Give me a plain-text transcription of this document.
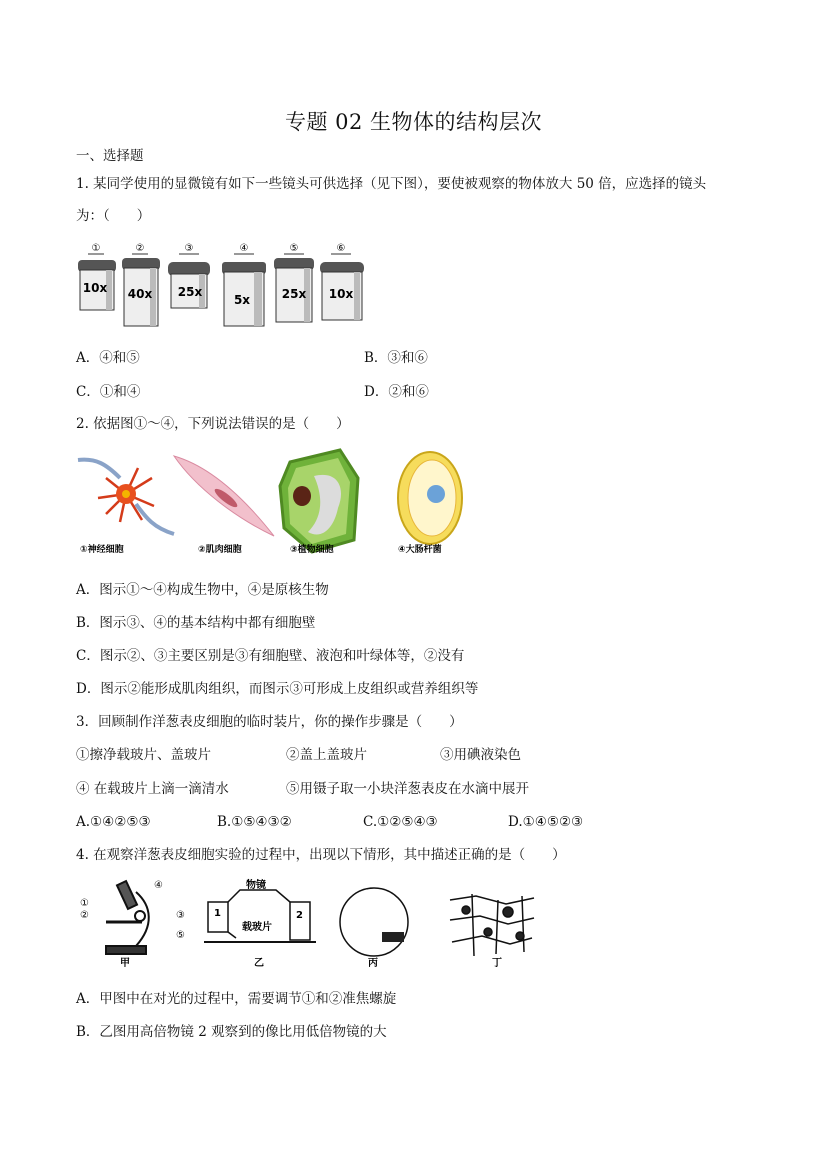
专题 02 生物体的结构层次
一、选择题
1. 某同学使用的显微镜有如下一些镜头可供选择（见下图），要使被观察的物体放大 50 倍，应选择的镜头
为：（　　）
①
10x
②
40x
③
25x
④
5x
⑤
25x
⑥
10x
A．④和⑤	B．③和⑥
C．①和④	D．②和⑥
2. 依据图①～④，下列说法错误的是（　　）
①神经细胞	②肌肉细胞	③植物细胞	④大肠杆菌
A．图示①～④构成生物中，④是原核生物
B．图示③、④的基本结构中都有细胞壁
C．图示②、③主要区别是③有细胞壁、液泡和叶绿体等，②没有
D．图示②能形成肌肉组织，而图示③可形成上皮组织或营养组织等
3．回顾制作洋葱表皮细胞的临时装片，你的操作步骤是（　　）
①擦净载玻片、盖玻片	②盖上盖玻片	③用碘液染色
④ 在载玻片上滴一滴清水	⑤用镊子取一小块洋葱表皮在水滴中展开
A.①④②⑤③	B.①⑤④③②	C.①②⑤④③	D.①④⑤②③
4. 在观察洋葱表皮细胞实验的过程中，出现以下情形，其中描述正确的是（　　）
④
①
②	③
⑤
甲
物镜
1	2
载玻片
乙	丙	丁
A．甲图中在对光的过程中，需要调节①和②准焦螺旋
B．乙图用高倍物镜 2 观察到的像比用低倍物镜的大
